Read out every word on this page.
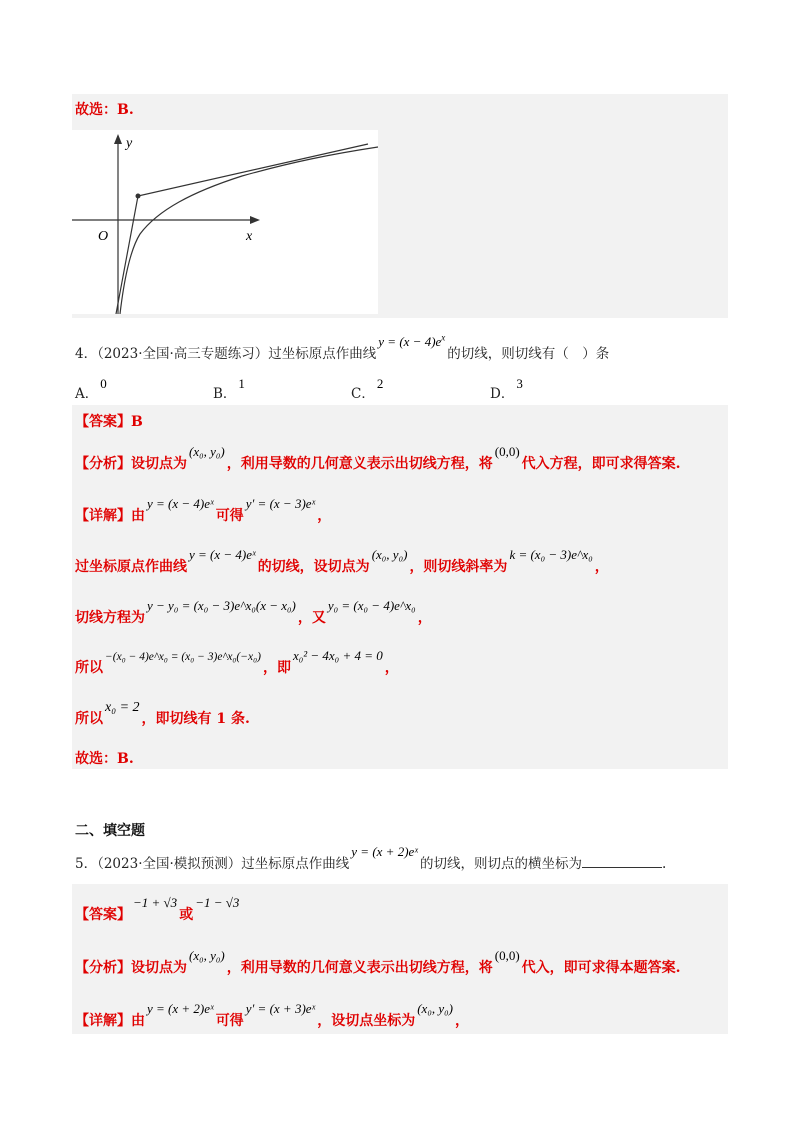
故选：B.
y
x
O
4．（2023·全国·高三专题练习）过坐标原点作曲线$y = (x - 4)e^x$的切线，则切线有（　）条
A．0
B．1
C．2
D．3
【答案】B
【分析】设切点为(x₀, y₀)，利用导数的几何意义表示出切线方程，将(0,0)代入方程，即可求得答案.
【详解】由y = (x − 4)eˣ可得y′ = (x − 3)eˣ，
过坐标原点作曲线y = (x − 4)eˣ的切线，设切点为(x₀, y₀)，则切线斜率为k = (x₀ − 3)e^x₀，
切线方程为y − y₀ = (x₀ − 3)e^x₀(x − x₀)，又y₀ = (x₀ − 4)e^x₀，
所以$^{-(x_0 - 4)e\^{}x_0 = (x_0 - 3)e\^{}x_0(-x_0)}$，即x₀² − 4x₀ + 4 = 0，
所以x₀ = 2，即切线有 1 条.
故选：B.
二、填空题
5．（2023·全国·模拟预测）过坐标原点作曲线y = (x + 2)eˣ的切线，则切点的横坐标为	.
【答案】−1 + √3或−1 − √3
【分析】设切点为(x₀, y₀)，利用导数的几何意义表示出切线方程，将(0,0)代入，即可求得本题答案.
【详解】由y = (x + 2)eˣ可得y′ = (x + 3)eˣ，设切点坐标为(x₀, y₀)，
